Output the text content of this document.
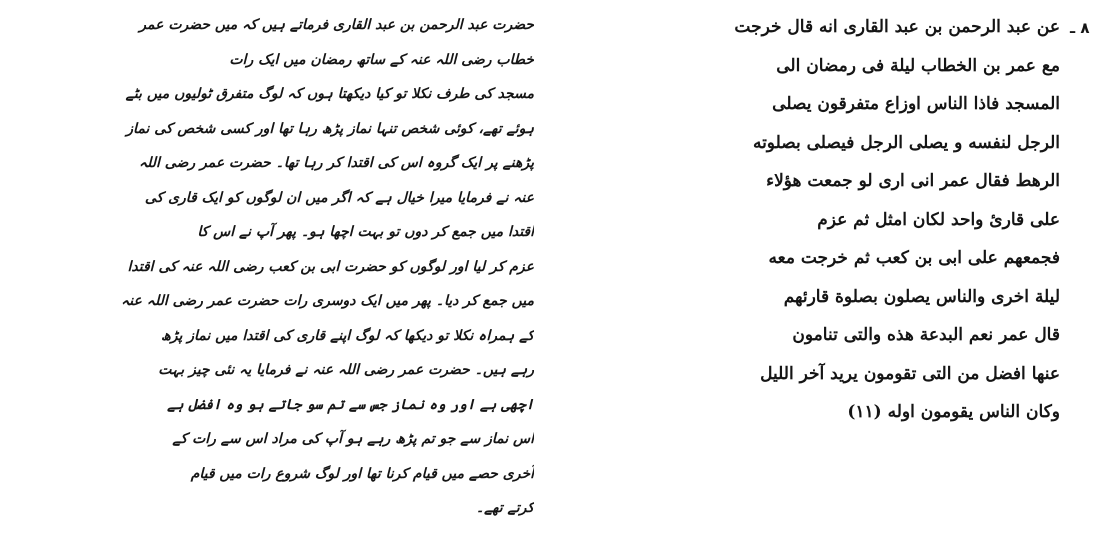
حضرت عبد الرحمن بن عبد القاری فرماتے ہیں کہ میں حضرت عمر
خطاب رضی اللہ عنہ کے ساتھ رمضان میں ایک رات
مسجد کی طرف نکلا تو کیا دیکھتا ہوں کہ لوگ متفرق ٹولیوں میں بٹے
ہوئے تھے، کوئی شخص تنہا نماز پڑھ رہا تھا اور کسی شخص کی نماز
پڑھنے پر ایک گروہ اس کی اقتدا کر رہا تھا۔ حضرت عمر رضی اللہ
عنہ نے فرمایا میرا خیال ہے کہ اگر میں ان لوگوں کو ایک قاری کی
اقتدا میں جمع کر دوں تو بہت اچھا ہو۔ پھر آپ نے اس کا
عزم کر لیا اور لوگوں کو حضرت ابی بن کعب رضی اللہ عنہ کی اقتدا
میں جمع کر دیا۔ پھر میں ایک دوسری رات حضرت عمر رضی اللہ عنہ
کے ہمراہ نکلا تو دیکھا کہ لوگ اپنے قاری کی اقتدا میں نماز پڑھ
رہے ہیں۔ حضرت عمر رضی اللہ عنہ نے فرمایا یہ نئی چیز بہت
اچھی ہے اور وہ نماز جس سے تم سو جاتے ہو وہ افضل ہے
اس نماز سے جو تم پڑھ رہے ہو آپ کی مراد اس سے رات کے
آخری حصے میں قیام کرنا تھا اور لوگ شروع رات میں قیام
کرتے تھے۔
عن عبد الرحمن بن عبد القاری انه قال خرجت
مع عمر بن الخطاب لیلة فی رمضان الی
المسجد فاذا الناس اوزاع متفرقون یصلی
الرجل لنفسه و یصلی الرجل فیصلی بصلوته
الرهط فقال عمر انی اری لو جمعت هؤلاء
علی قارئ واحد لکان امثل ثم عزم
فجمعهم علی ابی بن کعب ثم خرجت معه
لیلة اخری والناس یصلون بصلوة قارئهم
قال عمر نعم البدعة هذه والتی تنامون
عنها افضل من التی تقومون یرید آخر اللیل
وکان الناس یقومون اوله (۱۱)
٨ ـ
